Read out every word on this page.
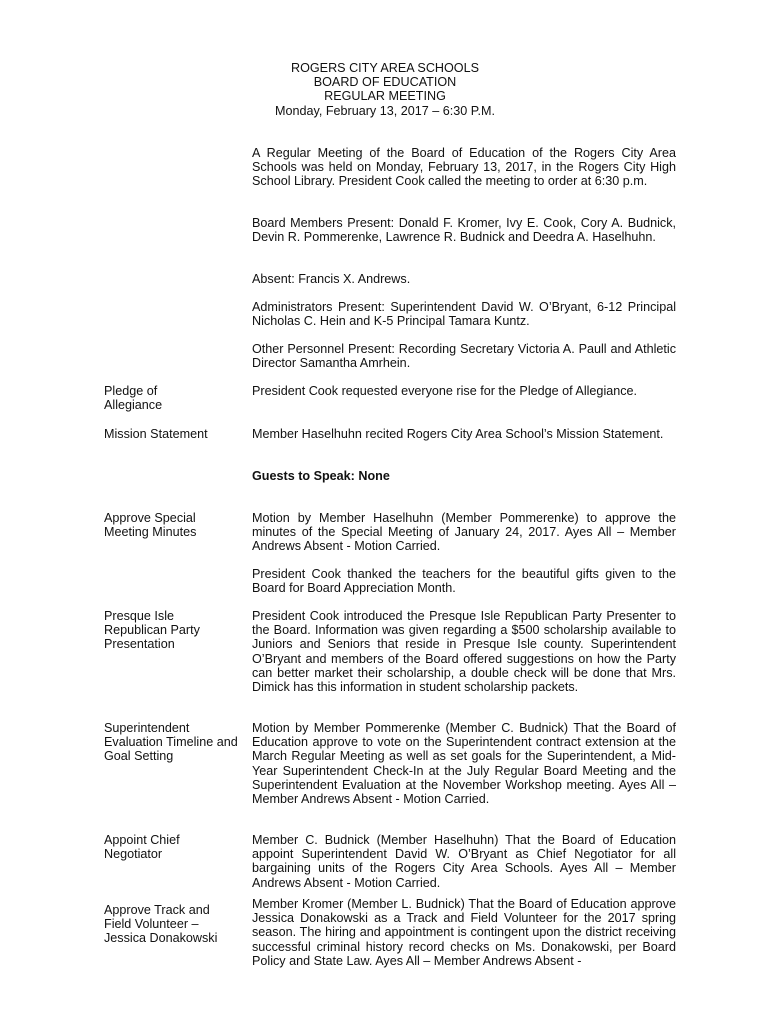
ROGERS CITY AREA SCHOOLS
BOARD OF EDUCATION
REGULAR MEETING
Monday, February 13, 2017 – 6:30 P.M.

A Regular Meeting of the Board of Education of the Rogers City Area Schools was held on Monday, February 13, 2017, in the Rogers City High School Library. President Cook called the meeting to order at 6:30 p.m.

Board Members Present: Donald F. Kromer, Ivy E. Cook, Cory A. Budnick, Devin R. Pommerenke, Lawrence R. Budnick and Deedra A. Haselhuhn.

Absent: Francis X. Andrews.

Administrators Present: Superintendent David W. O’Bryant, 6-12 Principal Nicholas C. Hein and K-5 Principal Tamara Kuntz.

Other Personnel Present: Recording Secretary Victoria A. Paull and Athletic Director Samantha Amrhein.

Pledge of Allegiance

President Cook requested everyone rise for the Pledge of Allegiance.

Mission Statement	Member Haselhuhn recited Rogers City Area School’s Mission Statement.

Guests to Speak: None

Approve Special Meeting Minutes

Motion by Member Haselhuhn (Member Pommerenke) to approve the minutes of the Special Meeting of January 24, 2017. Ayes All – Member Andrews Absent - Motion Carried.

President Cook thanked the teachers for the beautiful gifts given to the Board for Board Appreciation Month.

Presque Isle Republican Party Presentation

President Cook introduced the Presque Isle Republican Party Presenter to the Board. Information was given regarding a $500 scholarship available to Juniors and Seniors that reside in Presque Isle county. Superintendent O’Bryant and members of the Board offered suggestions on how the Party can better market their scholarship, a double check will be done that Mrs. Dimick has this information in student scholarship packets.

Superintendent Evaluation Timeline and Goal Setting

Motion by Member Pommerenke (Member C. Budnick) That the Board of Education approve to vote on the Superintendent contract extension at the March Regular Meeting as well as set goals for the Superintendent, a Mid-Year Superintendent Check-In at the July Regular Board Meeting and the Superintendent Evaluation at the November Workshop meeting. Ayes All – Member Andrews Absent - Motion Carried.

Appoint Chief Negotiator

Member C. Budnick (Member Haselhuhn) That the Board of Education appoint Superintendent David W. O’Bryant as Chief Negotiator for all bargaining units of the Rogers City Area Schools. Ayes All – Member Andrews Absent - Motion Carried.

Approve Track and Field Volunteer – Jessica Donakowski

Member Kromer (Member L. Budnick) That the Board of Education approve Jessica Donakowski as a Track and Field Volunteer for the 2017 spring season. The hiring and appointment is contingent upon the district receiving successful criminal history record checks on Ms. Donakowski, per Board Policy and State Law. Ayes All – Member Andrews Absent -
